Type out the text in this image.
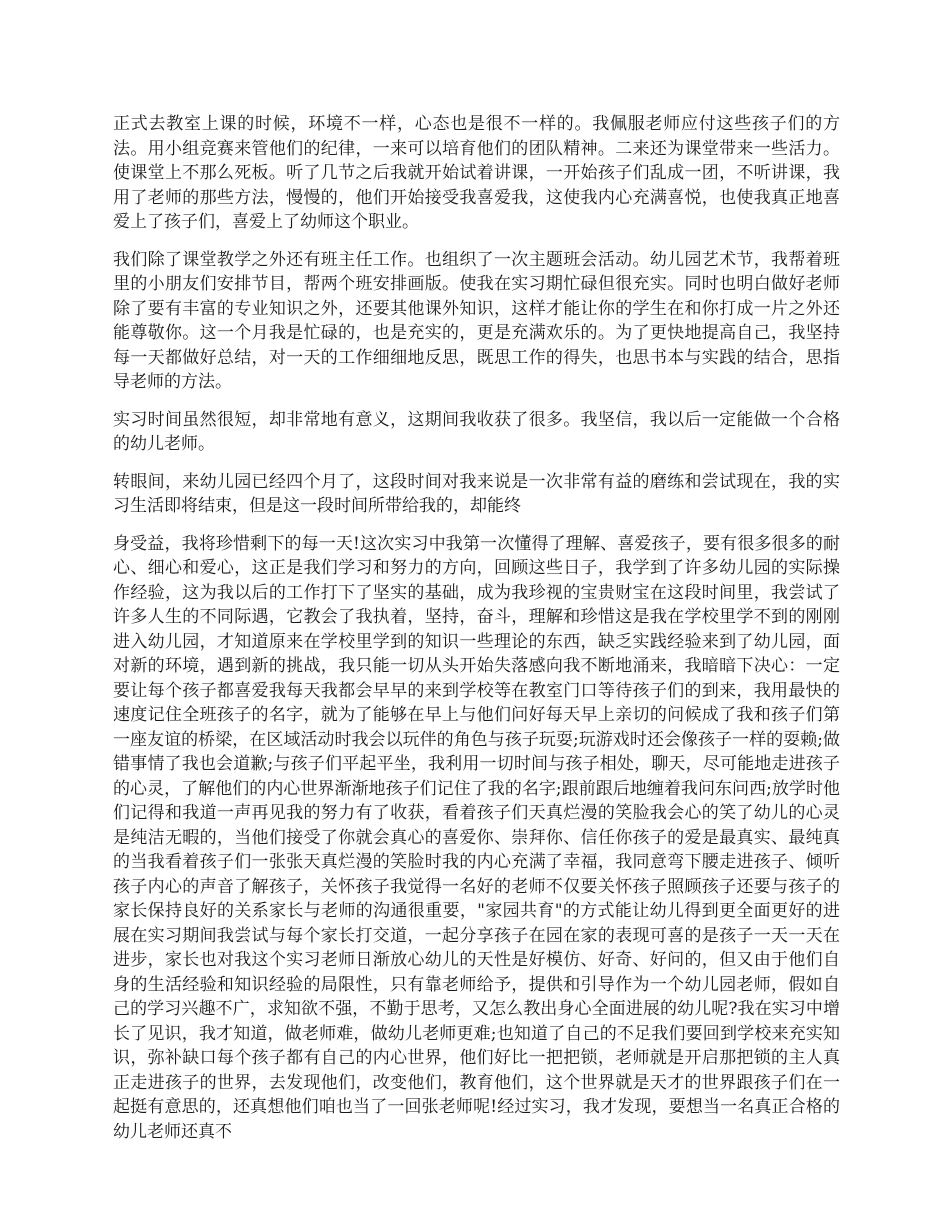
正式去教室上课的时候，环境不一样，心态也是很不一样的。我佩服老师应付这些孩子们的方法。用小组竞赛来管他们的纪律，一来可以培育他们的团队精神。二来还为课堂带来一些活力。使课堂上不那么死板。听了几节之后我就开始试着讲课，一开始孩子们乱成一团，不听讲课，我用了老师的那些方法，慢慢的，他们开始接受我喜爱我，这使我内心充满喜悦，也使我真正地喜爱上了孩子们，喜爱上了幼师这个职业。

我们除了课堂教学之外还有班主任工作。也组织了一次主题班会活动。幼儿园艺术节，我帮着班里的小朋友们安排节目，帮两个班安排画版。使我在实习期忙碌但很充实。同时也明白做好老师除了要有丰富的专业知识之外，还要其他课外知识，这样才能让你的学生在和你打成一片之外还能尊敬你。这一个月我是忙碌的，也是充实的，更是充满欢乐的。为了更快地提高自己，我坚持每一天都做好总结，对一天的工作细细地反思，既思工作的得失，也思书本与实践的结合，思指导老师的方法。

实习时间虽然很短，却非常地有意义，这期间我收获了很多。我坚信，我以后一定能做一个合格的幼儿老师。

转眼间，来幼儿园已经四个月了，这段时间对我来说是一次非常有益的磨练和尝试现在，我的实习生活即将结束，但是这一段时间所带给我的，却能终

身受益，我将珍惜剩下的每一天!这次实习中我第一次懂得了理解、喜爱孩子，要有很多很多的耐心、细心和爱心，这正是我们学习和努力的方向，回顾这些日子，我学到了许多幼儿园的实际操作经验，这为我以后的工作打下了坚实的基础，成为我珍视的宝贵财宝在这段时间里，我尝试了许多人生的不同际遇，它教会了我执着，坚持，奋斗，理解和珍惜这是我在学校里学不到的刚刚进入幼儿园，才知道原来在学校里学到的知识一些理论的东西，缺乏实践经验来到了幼儿园，面对新的环境，遇到新的挑战，我只能一切从头开始失落感向我不断地涌来，我暗暗下决心：一定要让每个孩子都喜爱我每天我都会早早的来到学校等在教室门口等待孩子们的到来，我用最快的速度记住全班孩子的名字，就为了能够在早上与他们问好每天早上亲切的问候成了我和孩子们第一座友谊的桥梁，在区域活动时我会以玩伴的角色与孩子玩耍;玩游戏时还会像孩子一样的耍赖;做错事情了我也会道歉;与孩子们平起平坐，我利用一切时间与孩子相处，聊天，尽可能地走进孩子的心灵，了解他们的内心世界渐渐地孩子们记住了我的名字;跟前跟后地缠着我问东问西;放学时他们记得和我道一声再见我的努力有了收获，看着孩子们天真烂漫的笑脸我会心的笑了幼儿的心灵是纯洁无暇的，当他们接受了你就会真心的喜爱你、崇拜你、信任你孩子的爱是最真实、最纯真的当我看着孩子们一张张天真烂漫的笑脸时我的内心充满了幸福，我同意弯下腰走进孩子、倾听孩子内心的声音了解孩子，关怀孩子我觉得一名好的老师不仅要关怀孩子照顾孩子还要与孩子的家长保持良好的关系家长与老师的沟通很重要，"家园共育"的方式能让幼儿得到更全面更好的进展在实习期间我尝试与每个家长打交道，一起分享孩子在园在家的表现可喜的是孩子一天一天在进步，家长也对我这个实习老师日渐放心幼儿的天性是好模仿、好奇、好问的，但又由于他们自身的生活经验和知识经验的局限性，只有靠老师给予，提供和引导作为一个幼儿园老师，假如自己的学习兴趣不广，求知欲不强，不勤于思考，又怎么教出身心全面进展的幼儿呢?我在实习中增长了见识，我才知道，做老师难，做幼儿老师更难;也知道了自己的不足我们要回到学校来充实知识，弥补缺口每个孩子都有自己的内心世界，他们好比一把把锁，老师就是开启那把锁的主人真正走进孩子的世界，去发现他们，改变他们，教育他们，这个世界就是天才的世界跟孩子们在一起挺有意思的，还真想他们咱也当了一回张老师呢!经过实习，我才发现，要想当一名真正合格的幼儿老师还真不
